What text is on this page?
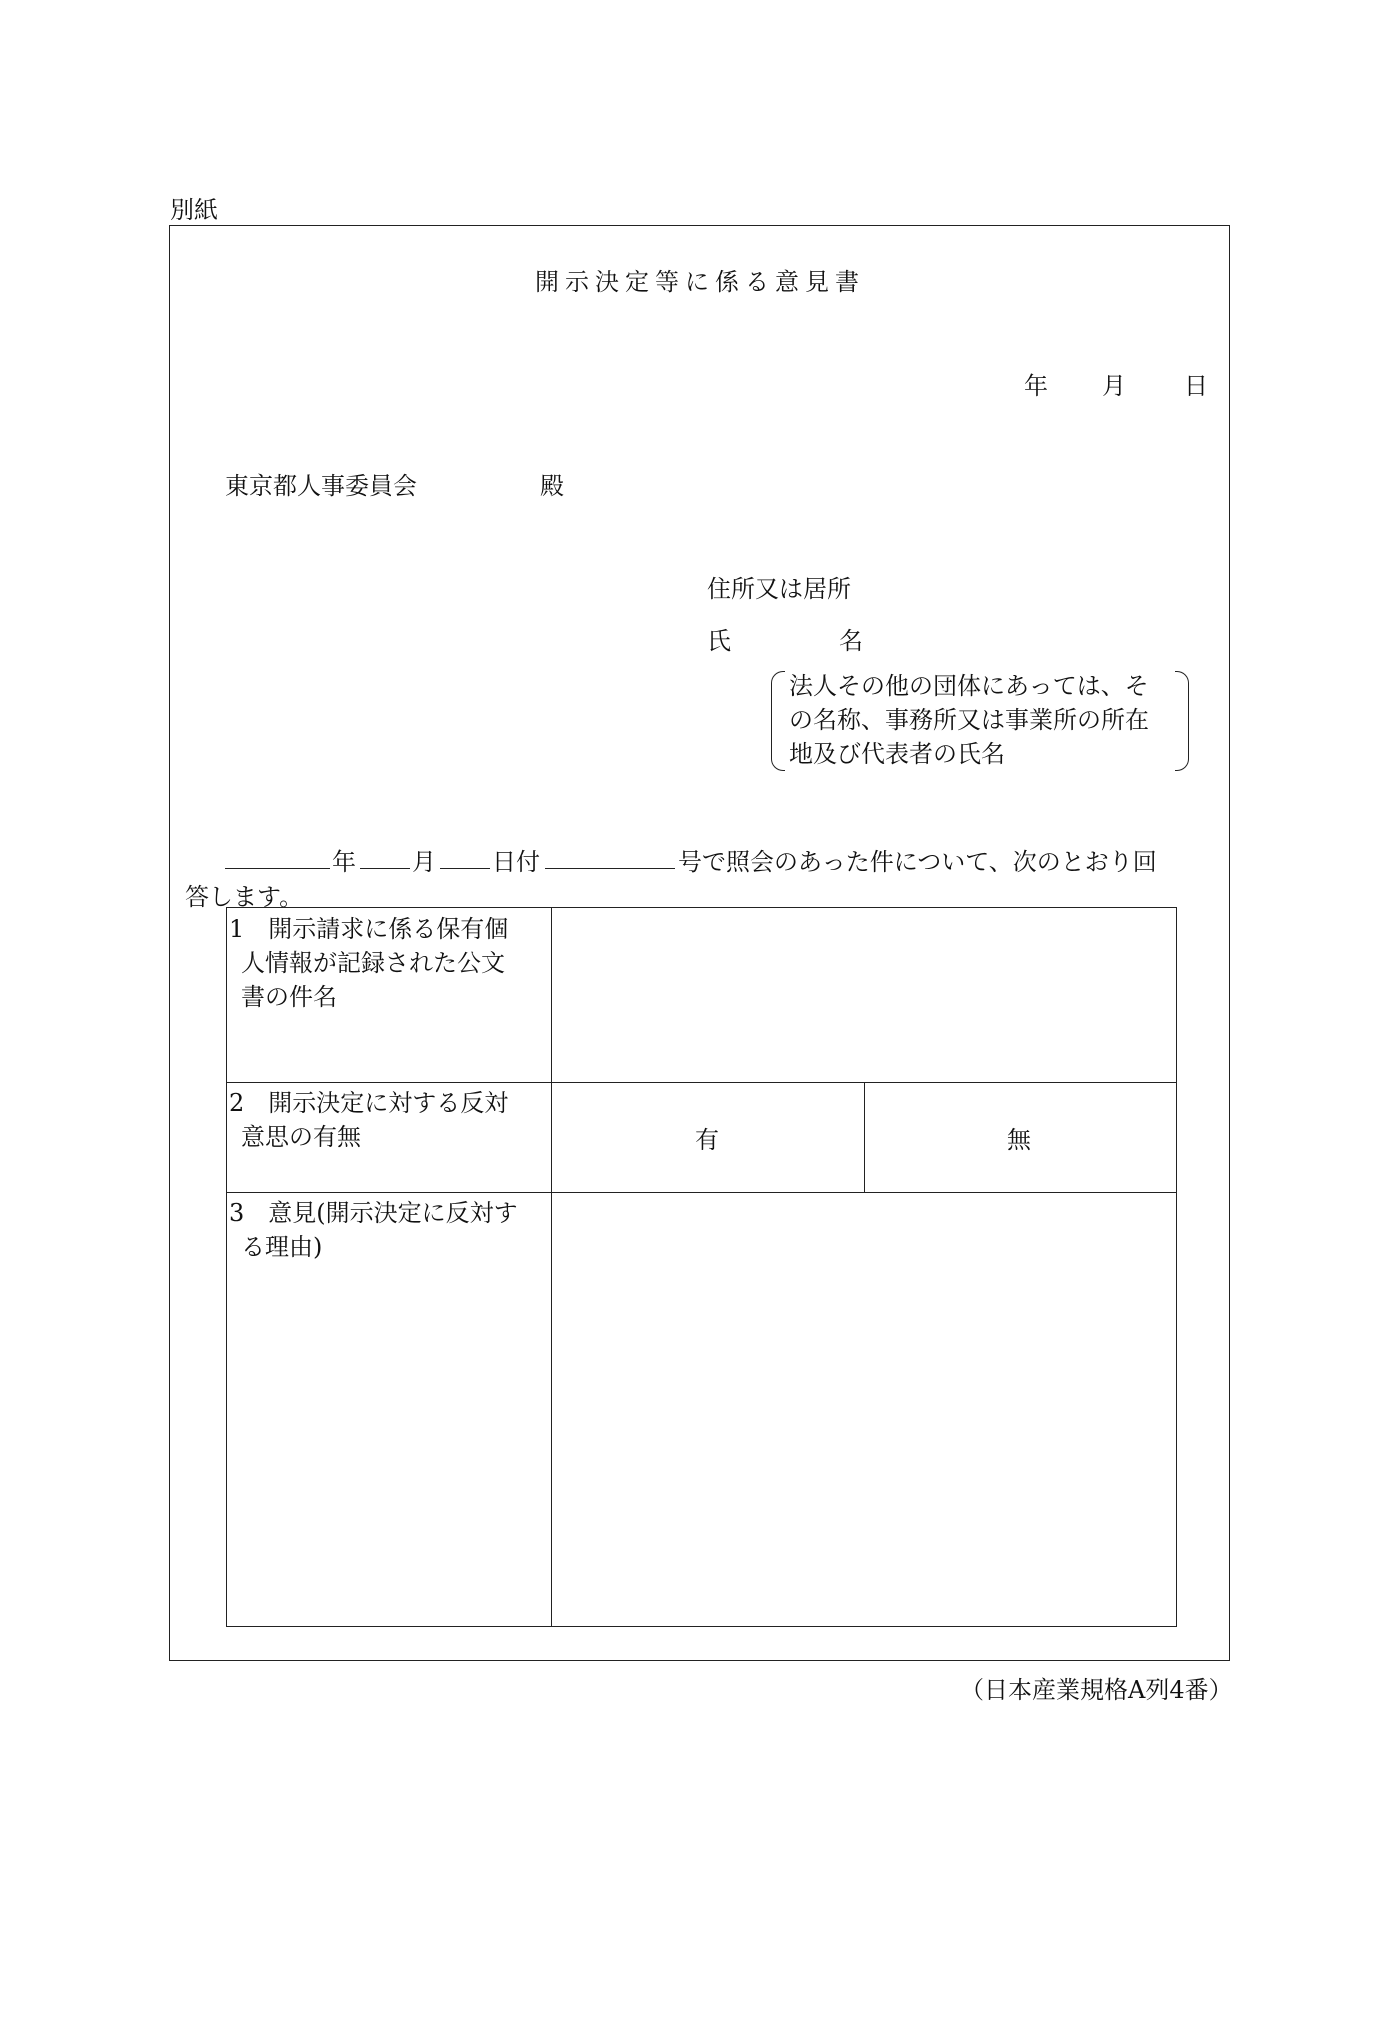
別紙
開示決定等に係る意見書
年 月 日
東京都人事委員会	殿
住所又は居所
氏	名
法人その他の団体にあっては、そ
の名称、事務所又は事業所の所在
地及び代表者の氏名
年 月 日付	号で照会のあった件について、次のとおり回
答します。
1　開示請求に係る保有個
人情報が記録された公文
書の件名
2　開示決定に対する反対
意思の有無	有	無
3　意見(開示決定に反対す
る理由)
（日本産業規格A列4番）
